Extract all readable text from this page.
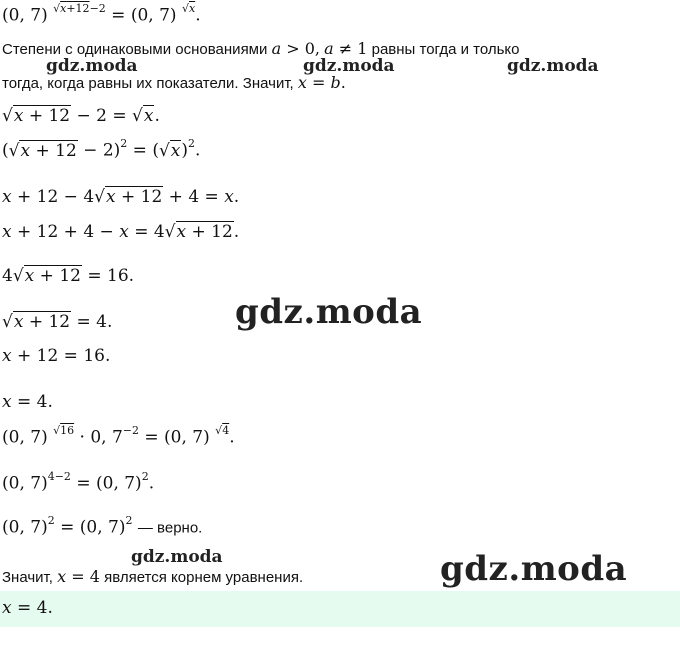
(0, 7) $^{√x+12-2}$ = (0, 7) $^{√x}$.
Степени с одинаковыми основаниями a > 0, a ≠ 1 равны тогда и только
тогда, когда равны их показатели. Значит, x = b.
√x + 12 − 2 = √x.
$(√x + 12 - 2)^2 = (√x)^2$.
x + 12 − 4√x + 12 + 4 = x.
x + 12 + 4 − x = 4√x + 12.
4√x + 12 = 16.
√x + 12 = 4.
x + 12 = 16.
x = 4.
(0, 7) $^{√16}$ · 0, $7^{-2} = (0$, 7) $^{√4}$.
(0, 7)$^{4-2}$ = (0, 7)$^2$.
(0, 7)$^2$ = (0, 7)$^2$ — верно.
Значит, x = 4 является корнем уравнения.
x = 4.
gdz.moda	gdz.moda	gdz.moda
gdz.moda
gdz.moda	gdz.moda
